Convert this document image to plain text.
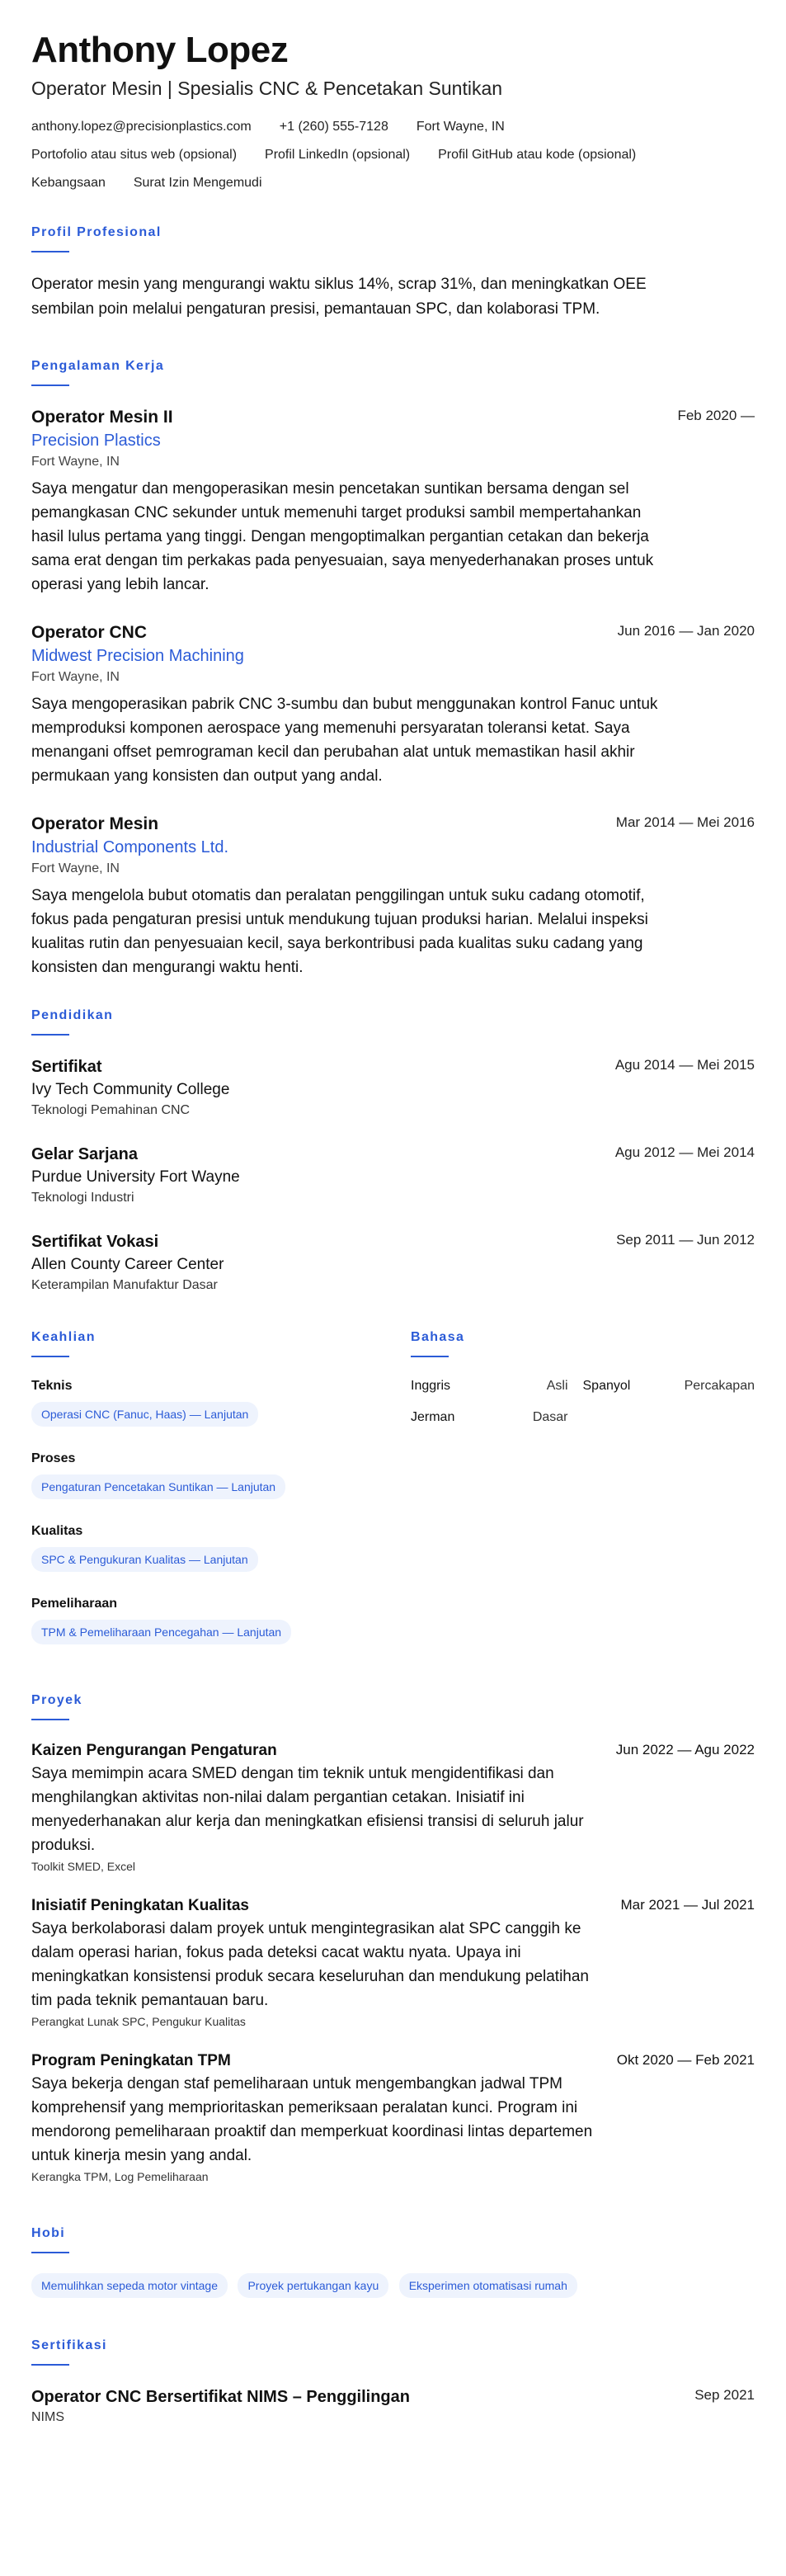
Anthony Lopez
Operator Mesin | Spesialis CNC & Pencetakan Suntikan
anthony.lopez@precisionplastics.com +1 (260) 555-7128 Fort Wayne, IN
Portofolio atau situs web (opsional) Profil LinkedIn (opsional) Profil GitHub atau kode (opsional)
Kebangsaan Surat Izin Mengemudi
Profil Profesional

Operator mesin yang mengurangi waktu siklus 14%, scrap 31%, dan meningkatkan OEE sembilan poin melalui pengaturan presisi, pemantauan SPC, dan kolaborasi TPM.

Pengalaman Kerja
Operator Mesin II	Feb 2020 —
Precision Plastics
Fort Wayne, IN
Saya mengatur dan mengoperasikan mesin pencetakan suntikan bersama dengan sel pemangkasan CNC sekunder untuk memenuhi target produksi sambil mempertahankan hasil lulus pertama yang tinggi. Dengan mengoptimalkan pergantian cetakan dan bekerja sama erat dengan tim perkakas pada penyesuaian, saya menyederhanakan proses untuk operasi yang lebih lancar.
Operator CNC	Jun 2016 — Jan 2020
Midwest Precision Machining
Fort Wayne, IN
Saya mengoperasikan pabrik CNC 3-sumbu dan bubut menggunakan kontrol Fanuc untuk memproduksi komponen aerospace yang memenuhi persyaratan toleransi ketat. Saya menangani offset pemrograman kecil dan perubahan alat untuk memastikan hasil akhir permukaan yang konsisten dan output yang andal.
Operator Mesin	Mar 2014 — Mei 2016
Industrial Components Ltd.
Fort Wayne, IN
Saya mengelola bubut otomatis dan peralatan penggilingan untuk suku cadang otomotif, fokus pada pengaturan presisi untuk mendukung tujuan produksi harian. Melalui inspeksi kualitas rutin dan penyesuaian kecil, saya berkontribusi pada kualitas suku cadang yang konsisten dan mengurangi waktu henti.
Pendidikan
Sertifikat	Agu 2014 — Mei 2015
Ivy Tech Community College
Teknologi Pemahinan CNC
Gelar Sarjana	Agu 2012 — Mei 2014
Purdue University Fort Wayne
Teknologi Industri
Sertifikat Vokasi	Sep 2011 — Jun 2012
Allen County Career Center
Keterampilan Manufaktur Dasar
Keahlian
Teknis
Operasi CNC (Fanuc, Haas) — Lanjutan
Proses
Pengaturan Pencetakan Suntikan — Lanjutan
Kualitas
SPC & Pengukuran Kualitas — Lanjutan
Pemeliharaan
TPM & Pemeliharaan Pencegahan — Lanjutan
Bahasa
Inggris	Asli Spanyol	Percakapan
Jerman	Dasar
Proyek
Kaizen Pengurangan Pengaturan	Jun 2022 — Agu 2022
Saya memimpin acara SMED dengan tim teknik untuk mengidentifikasi dan menghilangkan aktivitas non-nilai dalam pergantian cetakan. Inisiatif ini menyederhanakan alur kerja dan meningkatkan efisiensi transisi di seluruh jalur produksi.
Toolkit SMED, Excel
Inisiatif Peningkatan Kualitas	Mar 2021 — Jul 2021
Saya berkolaborasi dalam proyek untuk mengintegrasikan alat SPC canggih ke dalam operasi harian, fokus pada deteksi cacat waktu nyata. Upaya ini meningkatkan konsistensi produk secara keseluruhan dan mendukung pelatihan tim pada teknik pemantauan baru.
Perangkat Lunak SPC, Pengukur Kualitas
Program Peningkatan TPM	Okt 2020 — Feb 2021
Saya bekerja dengan staf pemeliharaan untuk mengembangkan jadwal TPM komprehensif yang memprioritaskan pemeriksaan peralatan kunci. Program ini mendorong pemeliharaan proaktif dan memperkuat koordinasi lintas departemen untuk kinerja mesin yang andal.
Kerangka TPM, Log Pemeliharaan
Hobi
Memulihkan sepeda motor vintage	Proyek pertukangan kayu	Eksperimen otomatisasi rumah
Sertifikasi
Operator CNC Bersertifikat NIMS – Penggilingan	Sep 2021
NIMS
